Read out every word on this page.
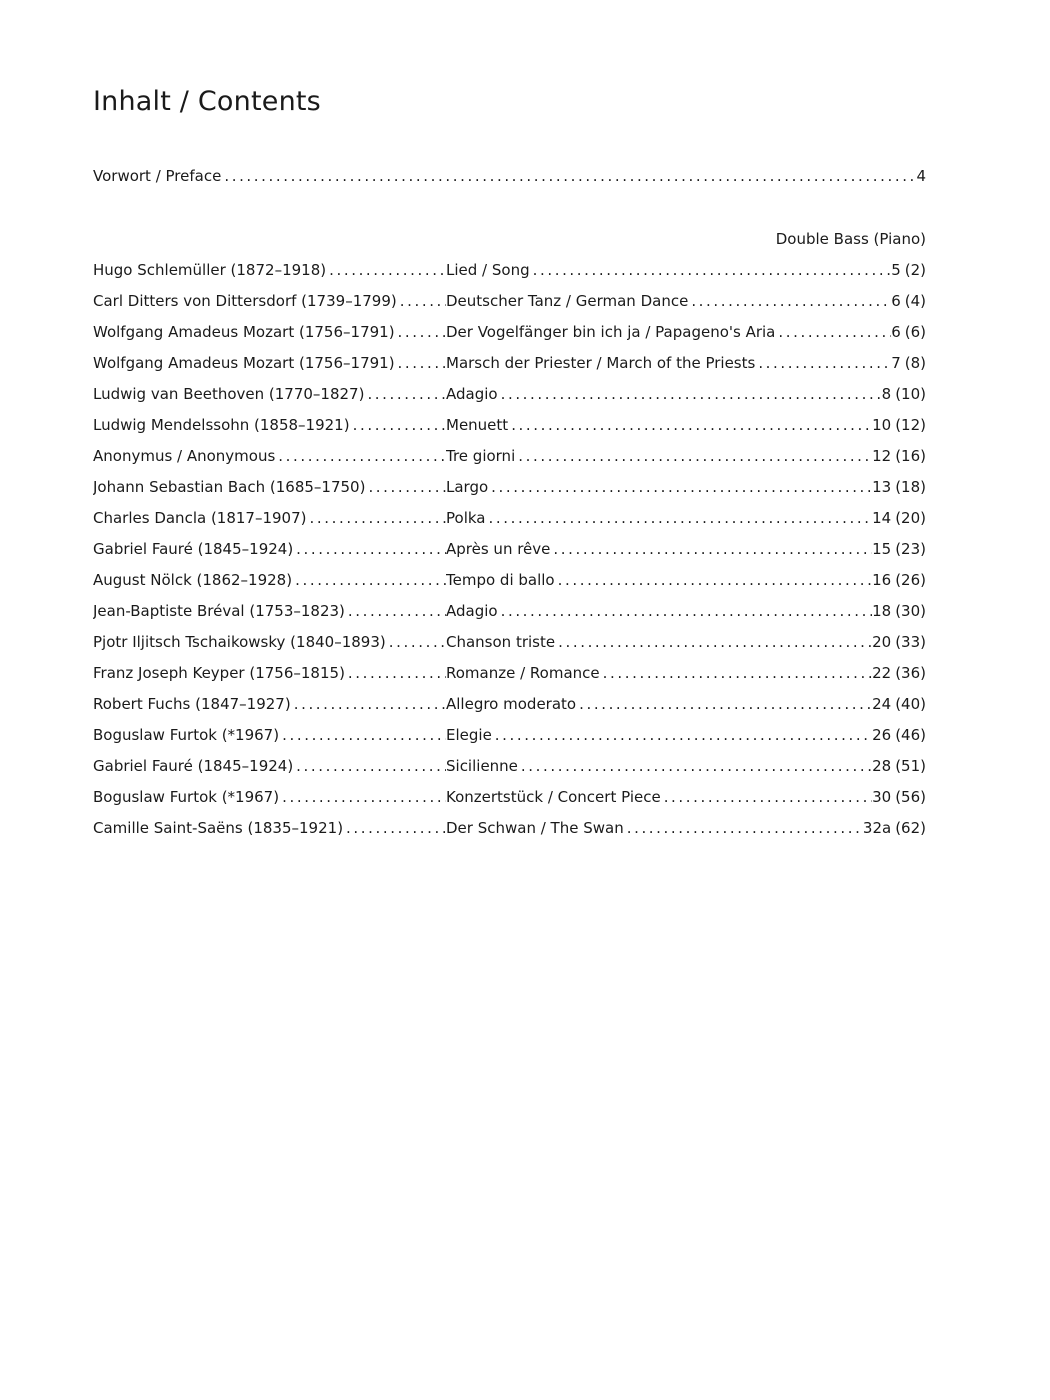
Inhalt / Contents
Vorwort / Preface .....	4
Double Bass (Piano)
Hugo Schlemüller (1872–1918) .....	Lied / Song .....	5 (2)
Carl Ditters von Dittersdorf (1739–1799) .....	Deutscher Tanz / German Dance .....	6 (4)
Wolfgang Amadeus Mozart (1756–1791) .....	Der Vogelfänger bin ich ja / Papageno's Aria .....	6 (6)
Wolfgang Amadeus Mozart (1756–1791) .....	Marsch der Priester / March of the Priests .....	7 (8)
Ludwig van Beethoven (1770–1827) .....	Adagio .....	8 (10)
Ludwig Mendelssohn (1858–1921) .....	Menuett .....	10 (12)
Anonymus / Anonymous .....	Tre giorni .....	12 (16)
Johann Sebastian Bach (1685–1750) .....	Largo .....	13 (18)
Charles Dancla (1817–1907) .....	Polka .....	14 (20)
Gabriel Fauré (1845–1924) .....	Après un rêve .....	15 (23)
August Nölck (1862–1928) .....	Tempo di ballo .....	16 (26)
Jean-Baptiste Bréval (1753–1823) .....	Adagio .....	18 (30)
Pjotr Iljitsch Tschaikowsky (1840–1893) .....	Chanson triste .....	20 (33)
Franz Joseph Keyper (1756–1815) .....	Romanze / Romance .....	22 (36)
Robert Fuchs (1847–1927) .....	Allegro moderato .....	24 (40)
Boguslaw Furtok (*1967) .....	Elegie .....	26 (46)
Gabriel Fauré (1845–1924) .....	Sicilienne .....	28 (51)
Boguslaw Furtok (*1967) .....	Konzertstück / Concert Piece .....	30 (56)
Camille Saint-Saëns (1835–1921) .....	Der Schwan / The Swan .....	32a (62)
